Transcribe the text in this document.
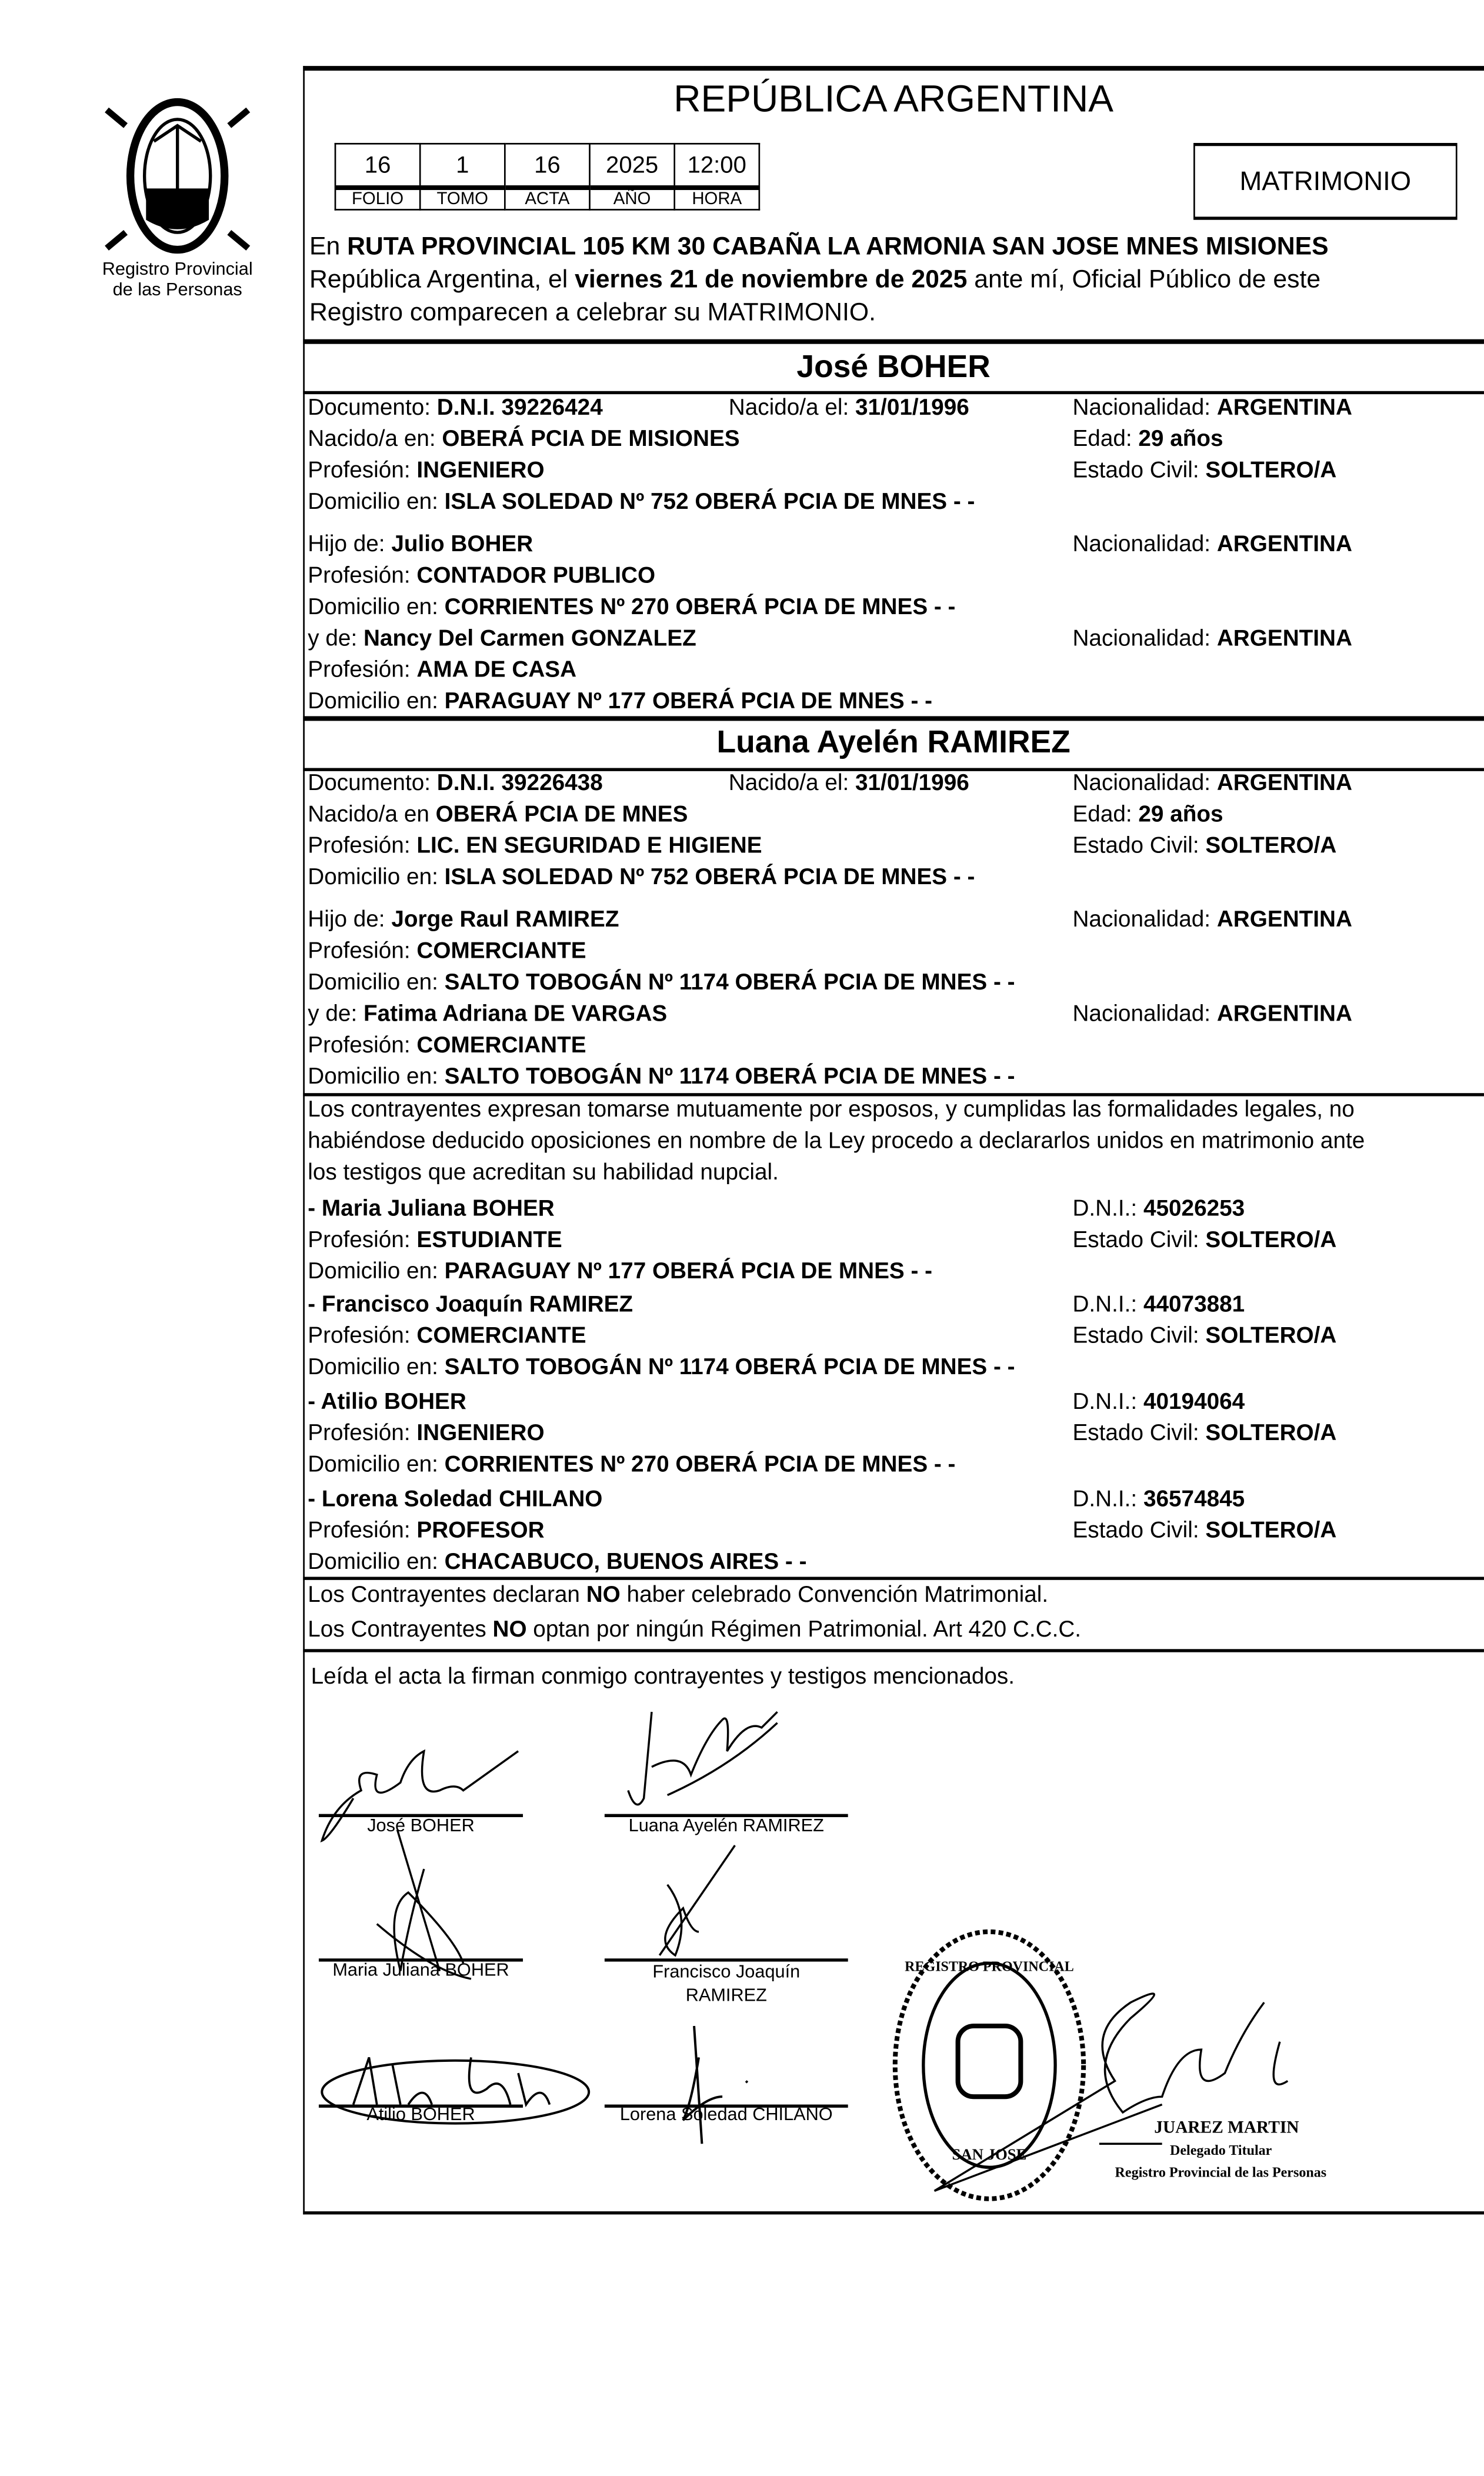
Registro Provincial
de las Personas
REPÚBLICA ARGENTINA
16	1	16	2025	12:00
FOLIO	TOMO	ACTA	AÑO	HORA
MATRIMONIO
En RUTA PROVINCIAL 105 KM 30 CABAÑA LA ARMONIA SAN JOSE MNES MISIONES
República Argentina, el viernes 21 de noviembre de 2025 ante mí, Oficial Público de este
Registro comparecen a celebrar su MATRIMONIO.
José BOHER
Documento: D.N.I. 39226424	Nacido/a el: 31/01/1996	Nacionalidad: ARGENTINA
Nacido/a en: OBERÁ PCIA DE MISIONES	Edad: 29 años
Profesión: INGENIERO	Estado Civil: SOLTERO/A
Domicilio en: ISLA SOLEDAD Nº 752 OBERÁ PCIA DE MNES - -
Hijo de: Julio BOHER	Nacionalidad: ARGENTINA
Profesión: CONTADOR PUBLICO
Domicilio en: CORRIENTES Nº 270 OBERÁ PCIA DE MNES - -
y de: Nancy Del Carmen GONZALEZ	Nacionalidad: ARGENTINA
Profesión: AMA DE CASA
Domicilio en: PARAGUAY Nº 177 OBERÁ PCIA DE MNES - -
Luana Ayelén RAMIREZ
Documento: D.N.I. 39226438	Nacido/a el: 31/01/1996	Nacionalidad: ARGENTINA
Nacido/a en OBERÁ PCIA DE MNES	Edad: 29 años
Profesión: LIC. EN SEGURIDAD E HIGIENE	Estado Civil: SOLTERO/A
Domicilio en: ISLA SOLEDAD Nº 752 OBERÁ PCIA DE MNES - -
Hijo de: Jorge Raul RAMIREZ	Nacionalidad: ARGENTINA
Profesión: COMERCIANTE
Domicilio en: SALTO TOBOGÁN Nº 1174 OBERÁ PCIA DE MNES - -
y de: Fatima Adriana DE VARGAS	Nacionalidad: ARGENTINA
Profesión: COMERCIANTE
Domicilio en: SALTO TOBOGÁN Nº 1174 OBERÁ PCIA DE MNES - -
Los contrayentes expresan tomarse mutuamente por esposos, y cumplidas las formalidades legales, no
habiéndose deducido oposiciones en nombre de la Ley procedo a declararlos unidos en matrimonio ante
los testigos que acreditan su habilidad nupcial.
- Maria Juliana BOHER	D.N.I.: 45026253
Profesión: ESTUDIANTE	Estado Civil: SOLTERO/A
Domicilio en: PARAGUAY Nº 177 OBERÁ PCIA DE MNES - -
- Francisco Joaquín RAMIREZ	D.N.I.: 44073881
Profesión: COMERCIANTE	Estado Civil: SOLTERO/A
Domicilio en: SALTO TOBOGÁN Nº 1174 OBERÁ PCIA DE MNES - -
- Atilio BOHER	D.N.I.: 40194064
Profesión: INGENIERO	Estado Civil: SOLTERO/A
Domicilio en: CORRIENTES Nº 270 OBERÁ PCIA DE MNES - -
- Lorena Soledad CHILANO	D.N.I.: 36574845
Profesión: PROFESOR	Estado Civil: SOLTERO/A
Domicilio en: CHACABUCO, BUENOS AIRES - -
Los Contrayentes declaran NO haber celebrado Convención Matrimonial.
Los Contrayentes NO optan por ningún Régimen Patrimonial. Art 420 C.C.C.
Leída el acta la firman conmigo contrayentes y testigos mencionados.
José BOHER	Luana Ayelén RAMIREZ
Maria Juliana BOHER	Francisco Joaquín
RAMIREZ
Atilio BOHER	Lorena Soledad CHILANO
REGISTRO PROVINCIAL
SAN JOSE
JUAREZ MARTIN
Delegado Titular
Registro Provincial de las Personas
